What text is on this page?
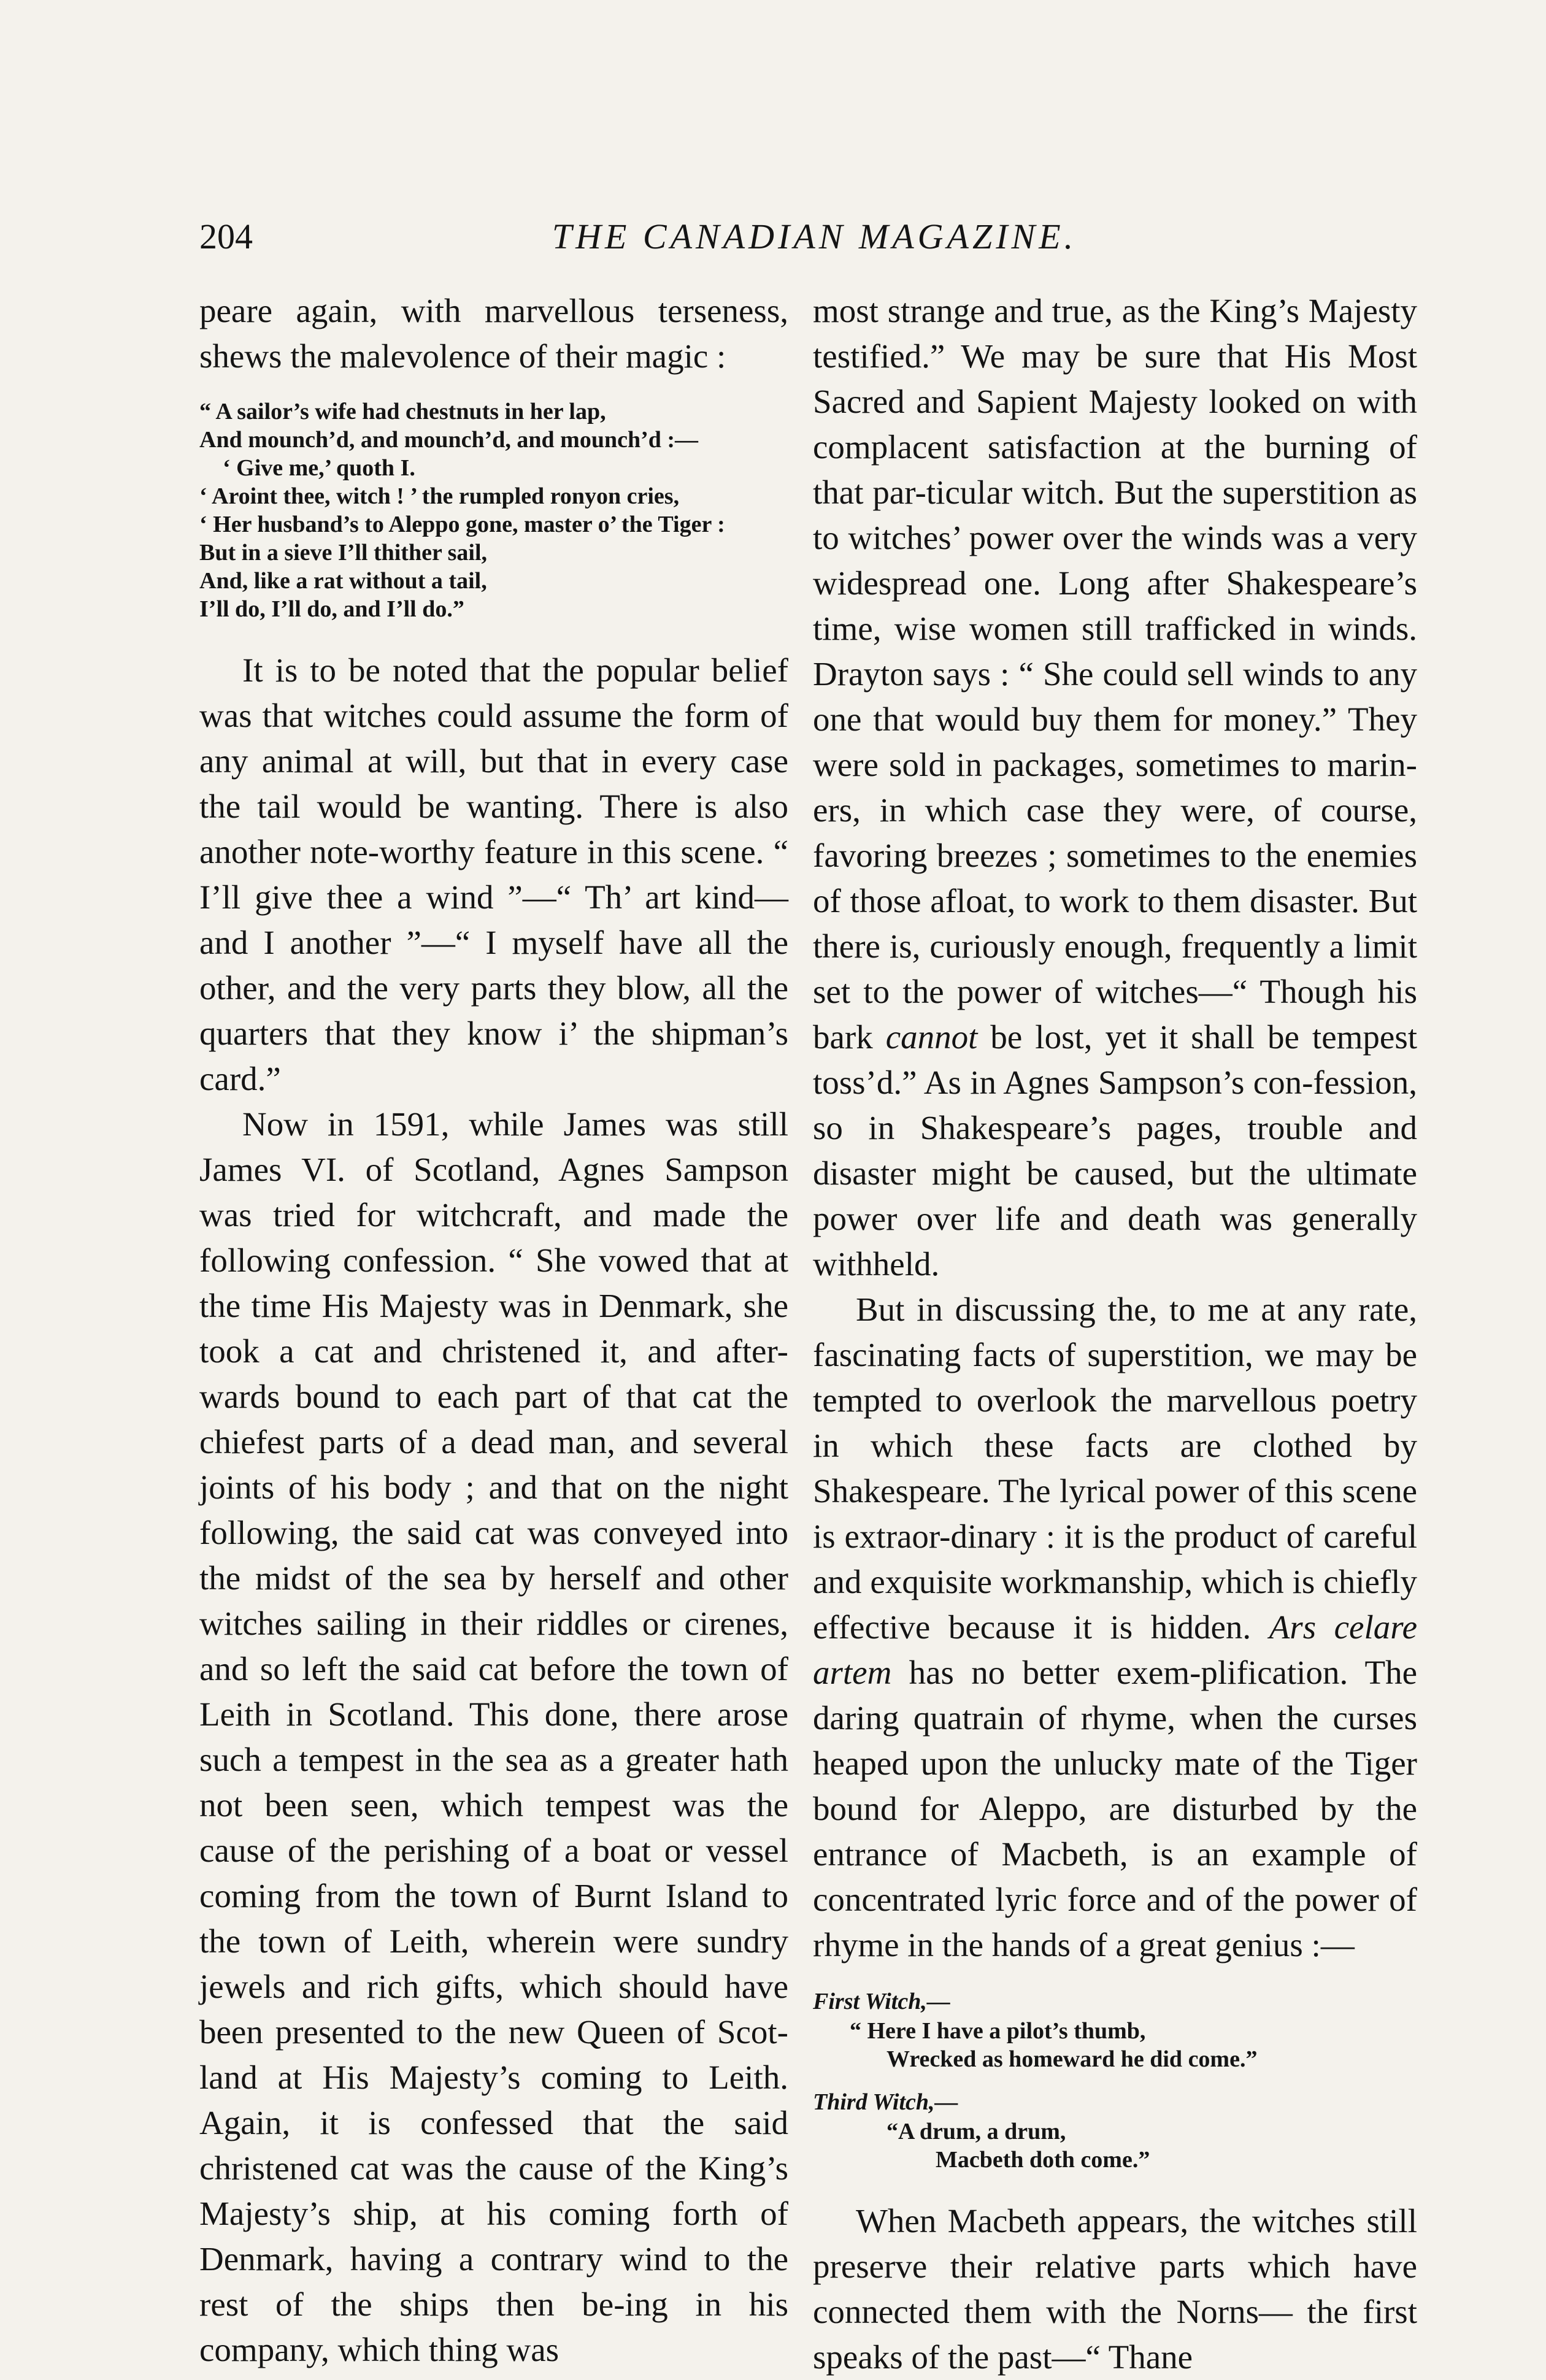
204	THE CANADIAN MAGAZINE.

peare again, with marvellous terseness, shews the malevolence of their magic :

“ A sailor’s wife had chestnuts in her lap,
And mounch’d, and mounch’d, and mounch’d :—
‘ Give me,’ quoth I.
‘ Aroint thee, witch ! ’ the rumpled ronyon cries,
‘ Her husband’s to Aleppo gone, master o’ the Tiger :
But in a sieve I’ll thither sail,
And, like a rat without a tail,
I’ll do, I’ll do, and I’ll do.”

It is to be noted that the popular belief was that witches could assume the form of any animal at will, but that in every case the tail would be wanting. There is also another note-worthy feature in this scene. “ I’ll give thee a wind ”—“ Th’ art kind— and I another ”—“ I myself have all the other, and the very parts they blow, all the quarters that they know i’ the shipman’s card.”

Now in 1591, while James was still James VI. of Scotland, Agnes Sampson was tried for witchcraft, and made the following confession. “ She vowed that at the time His Majesty was in Denmark, she took a cat and christened it, and after-wards bound to each part of that cat the chiefest parts of a dead man, and several joints of his body ; and that on the night following, the said cat was conveyed into the midst of the sea by herself and other witches sailing in their riddles or cirenes, and so left the said cat before the town of Leith in Scotland. This done, there arose such a tempest in the sea as a greater hath not been seen, which tempest was the cause of the perishing of a boat or vessel coming from the town of Burnt Island to the town of Leith, wherein were sundry jewels and rich gifts, which should have been presented to the new Queen of Scot-land at His Majesty’s coming to Leith. Again, it is confessed that the said christened cat was the cause of the King’s Majesty’s ship, at his coming forth of Denmark, having a contrary wind to the rest of the ships then be-ing in his company, which thing was

most strange and true, as the King’s Majesty testified.” We may be sure that His Most Sacred and Sapient Majesty looked on with complacent satisfaction at the burning of that par-ticular witch. But the superstition as to witches’ power over the winds was a very widespread one. Long after Shakespeare’s time, wise women still trafficked in winds. Drayton says : “ She could sell winds to any one that would buy them for money.” They were sold in packages, sometimes to marin-ers, in which case they were, of course, favoring breezes ; sometimes to the enemies of those afloat, to work to them disaster. But there is, curiously enough, frequently a limit set to the power of witches—“ Though his bark cannot be lost, yet it shall be tempest toss’d.” As in Agnes Sampson’s con-fession, so in Shakespeare’s pages, trouble and disaster might be caused, but the ultimate power over life and death was generally withheld.

But in discussing the, to me at any rate, fascinating facts of superstition, we may be tempted to overlook the marvellous poetry in which these facts are clothed by Shakespeare. The lyrical power of this scene is extraor-dinary : it is the product of careful and exquisite workmanship, which is chiefly effective because it is hidden. Ars celare artem has no better exem-plification. The daring quatrain of rhyme, when the curses heaped upon the unlucky mate of the Tiger bound for Aleppo, are disturbed by the entrance of Macbeth, is an example of concentrated lyric force and of the power of rhyme in the hands of a great genius :—

First Witch,—
“ Here I have a pilot’s thumb,
Wrecked as homeward he did come.”
Third Witch,—
“A drum, a drum,
Macbeth doth come.”

When Macbeth appears, the witches still preserve their relative parts which have connected them with the Norns— the first speaks of the past—“ Thane
